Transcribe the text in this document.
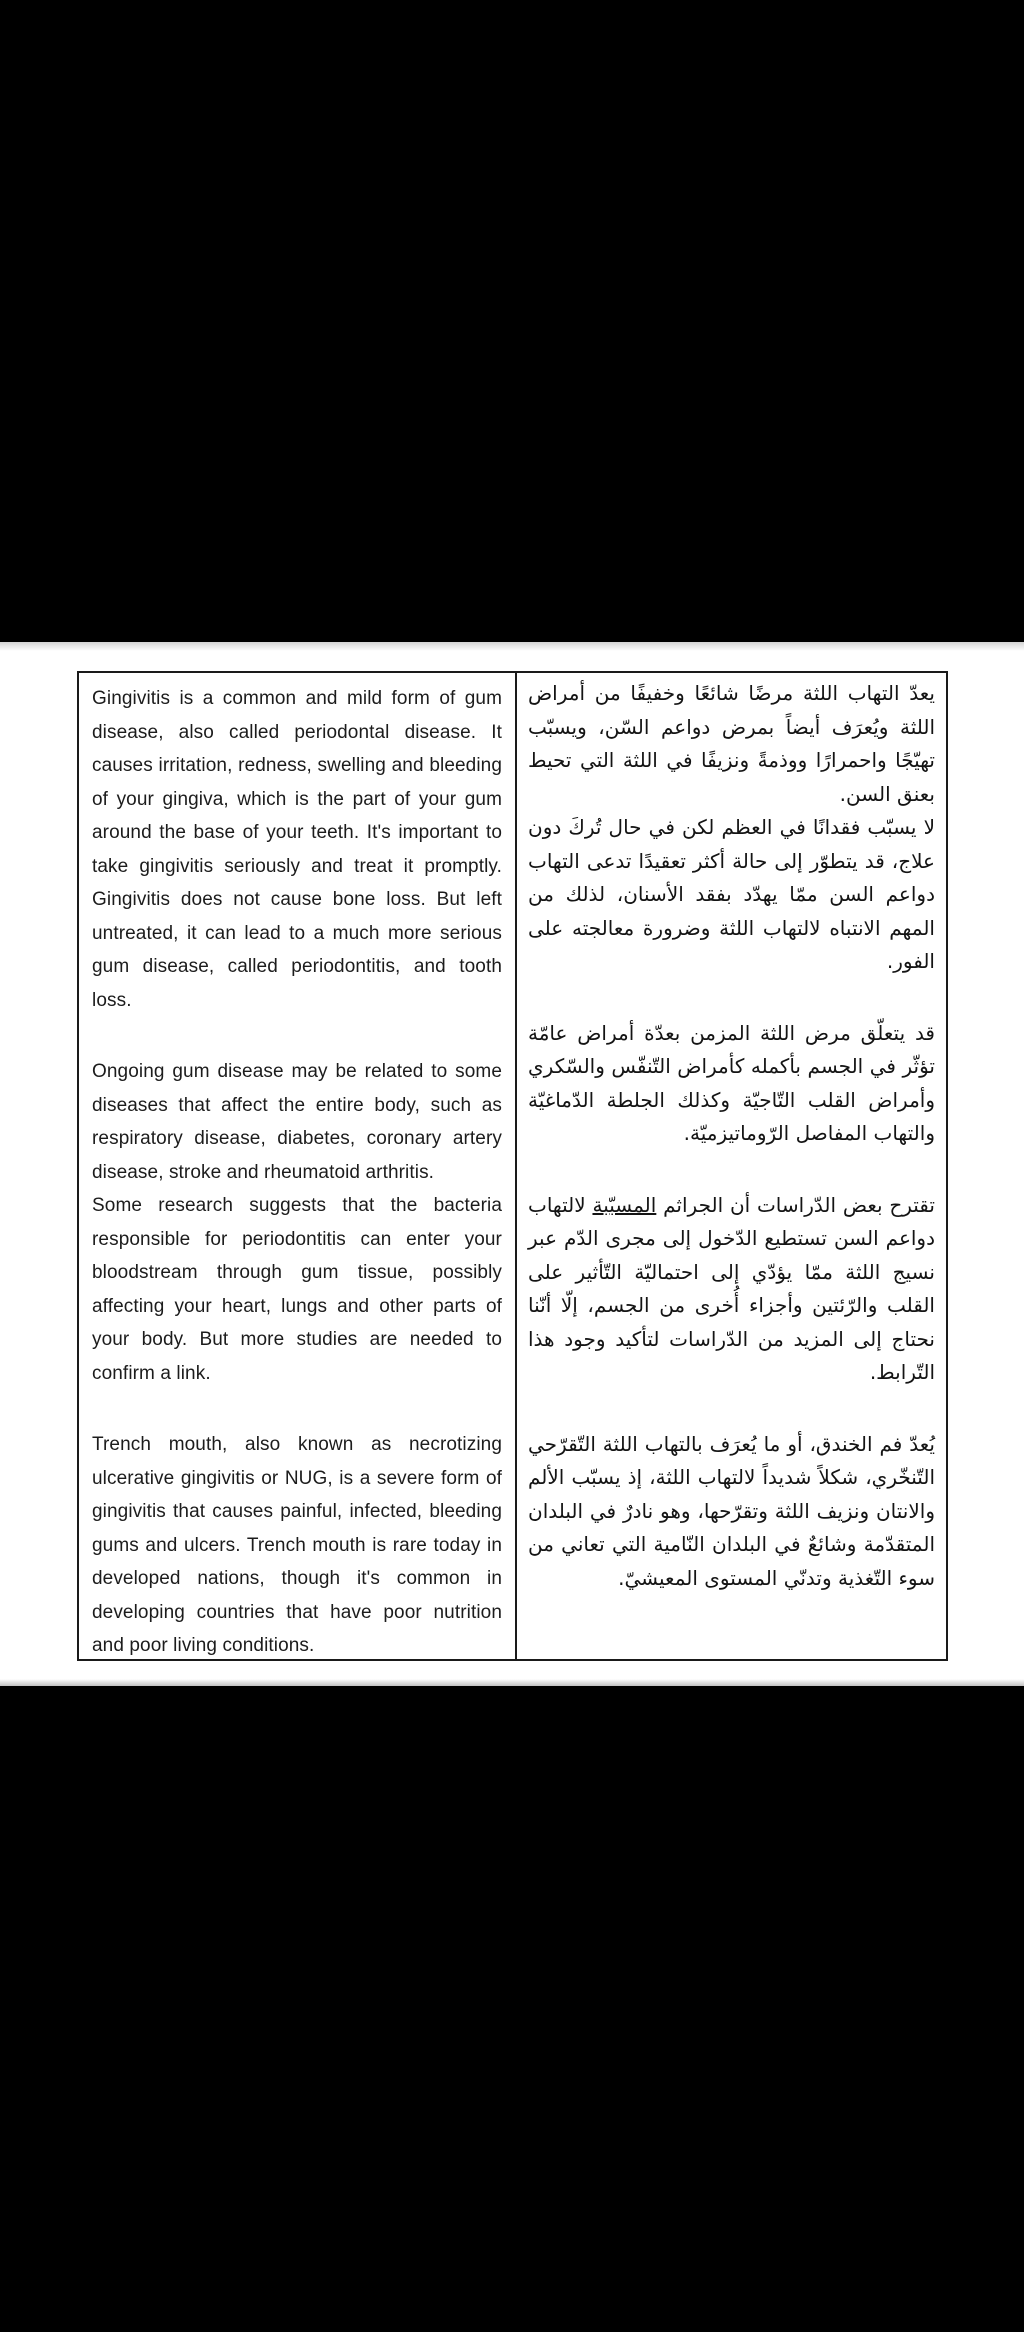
Gingivitis is a common and mild form of gum disease, also called periodontal disease. It causes irritation, redness, swelling and bleeding of your gingiva, which is the part of your gum around the base of your teeth. It's important to take gingivitis seriously and treat it promptly. Gingivitis does not cause bone loss. But left untreated, it can lead to a much more serious gum disease, called periodontitis, and tooth loss.

Ongoing gum disease may be related to some diseases that affect the entire body, such as respiratory disease, diabetes, coronary artery disease, stroke and rheumatoid arthritis.

Some research suggests that the bacteria responsible for periodontitis can enter your bloodstream through gum tissue, possibly affecting your heart, lungs and other parts of your body. But more studies are needed to confirm a link.

Trench mouth, also known as necrotizing ulcerative gingivitis or NUG, is a severe form of gingivitis that causes painful, infected, bleeding gums and ulcers. Trench mouth is rare today in developed nations, though it's common in developing countries that have poor nutrition and poor living conditions.

يعدّ التهاب اللثة مرضًا شائعًا وخفيفًا من أمراض اللثة ويُعرَف أيضاً بمرض دواعم السّن، ويسبّب تهيّجًا واحمرارًا ووذمةً ونزيفًا في اللثة التي تحيط بعنق السن.

لا يسبّب فقدانًا في العظم لكن في حال تُركَ دون علاج، قد يتطوّر إلى حالة أكثر تعقيدًا تدعى التهاب دواعم السن ممّا يهدّد بفقد الأسنان، لذلك من المهم الانتباه لالتهاب اللثة وضرورة معالجته على الفور.

قد يتعلّق مرض اللثة المزمن بعدّة أمراض عامّة تؤثّر في الجسم بأكمله كأمراض التّنفّس والسّكري وأمراض القلب التّاجيّة وكذلك الجلطة الدّماغيّة والتهاب المفاصل الرّوماتيزميّة.

تقترح بعض الدّراسات أن الجراثم المسبّبة لالتهاب دواعم السن تستطيع الدّخول إلى مجرى الدّم عبر نسيج اللثة ممّا يؤدّي إلى احتماليّة التّأثير على القلب والرّئتين وأجزاء أُخرى من الجسم، إلّا أنّنا نحتاج إلى المزيد من الدّراسات لتأكيد وجود هذا التّرابط.

يُعدّ فم الخندق، أو ما يُعرَف بالتهاب اللثة التّقرّحي التّنخّري، شكلاً شديداً لالتهاب اللثة، إذ يسبّب الألم والانتان ونزيف اللثة وتقرّحها، وهو نادرٌ في البلدان المتقدّمة وشائعٌ في البلدان النّامية التي تعاني من سوء التّغذية وتدنّي المستوى المعيشيّ.
